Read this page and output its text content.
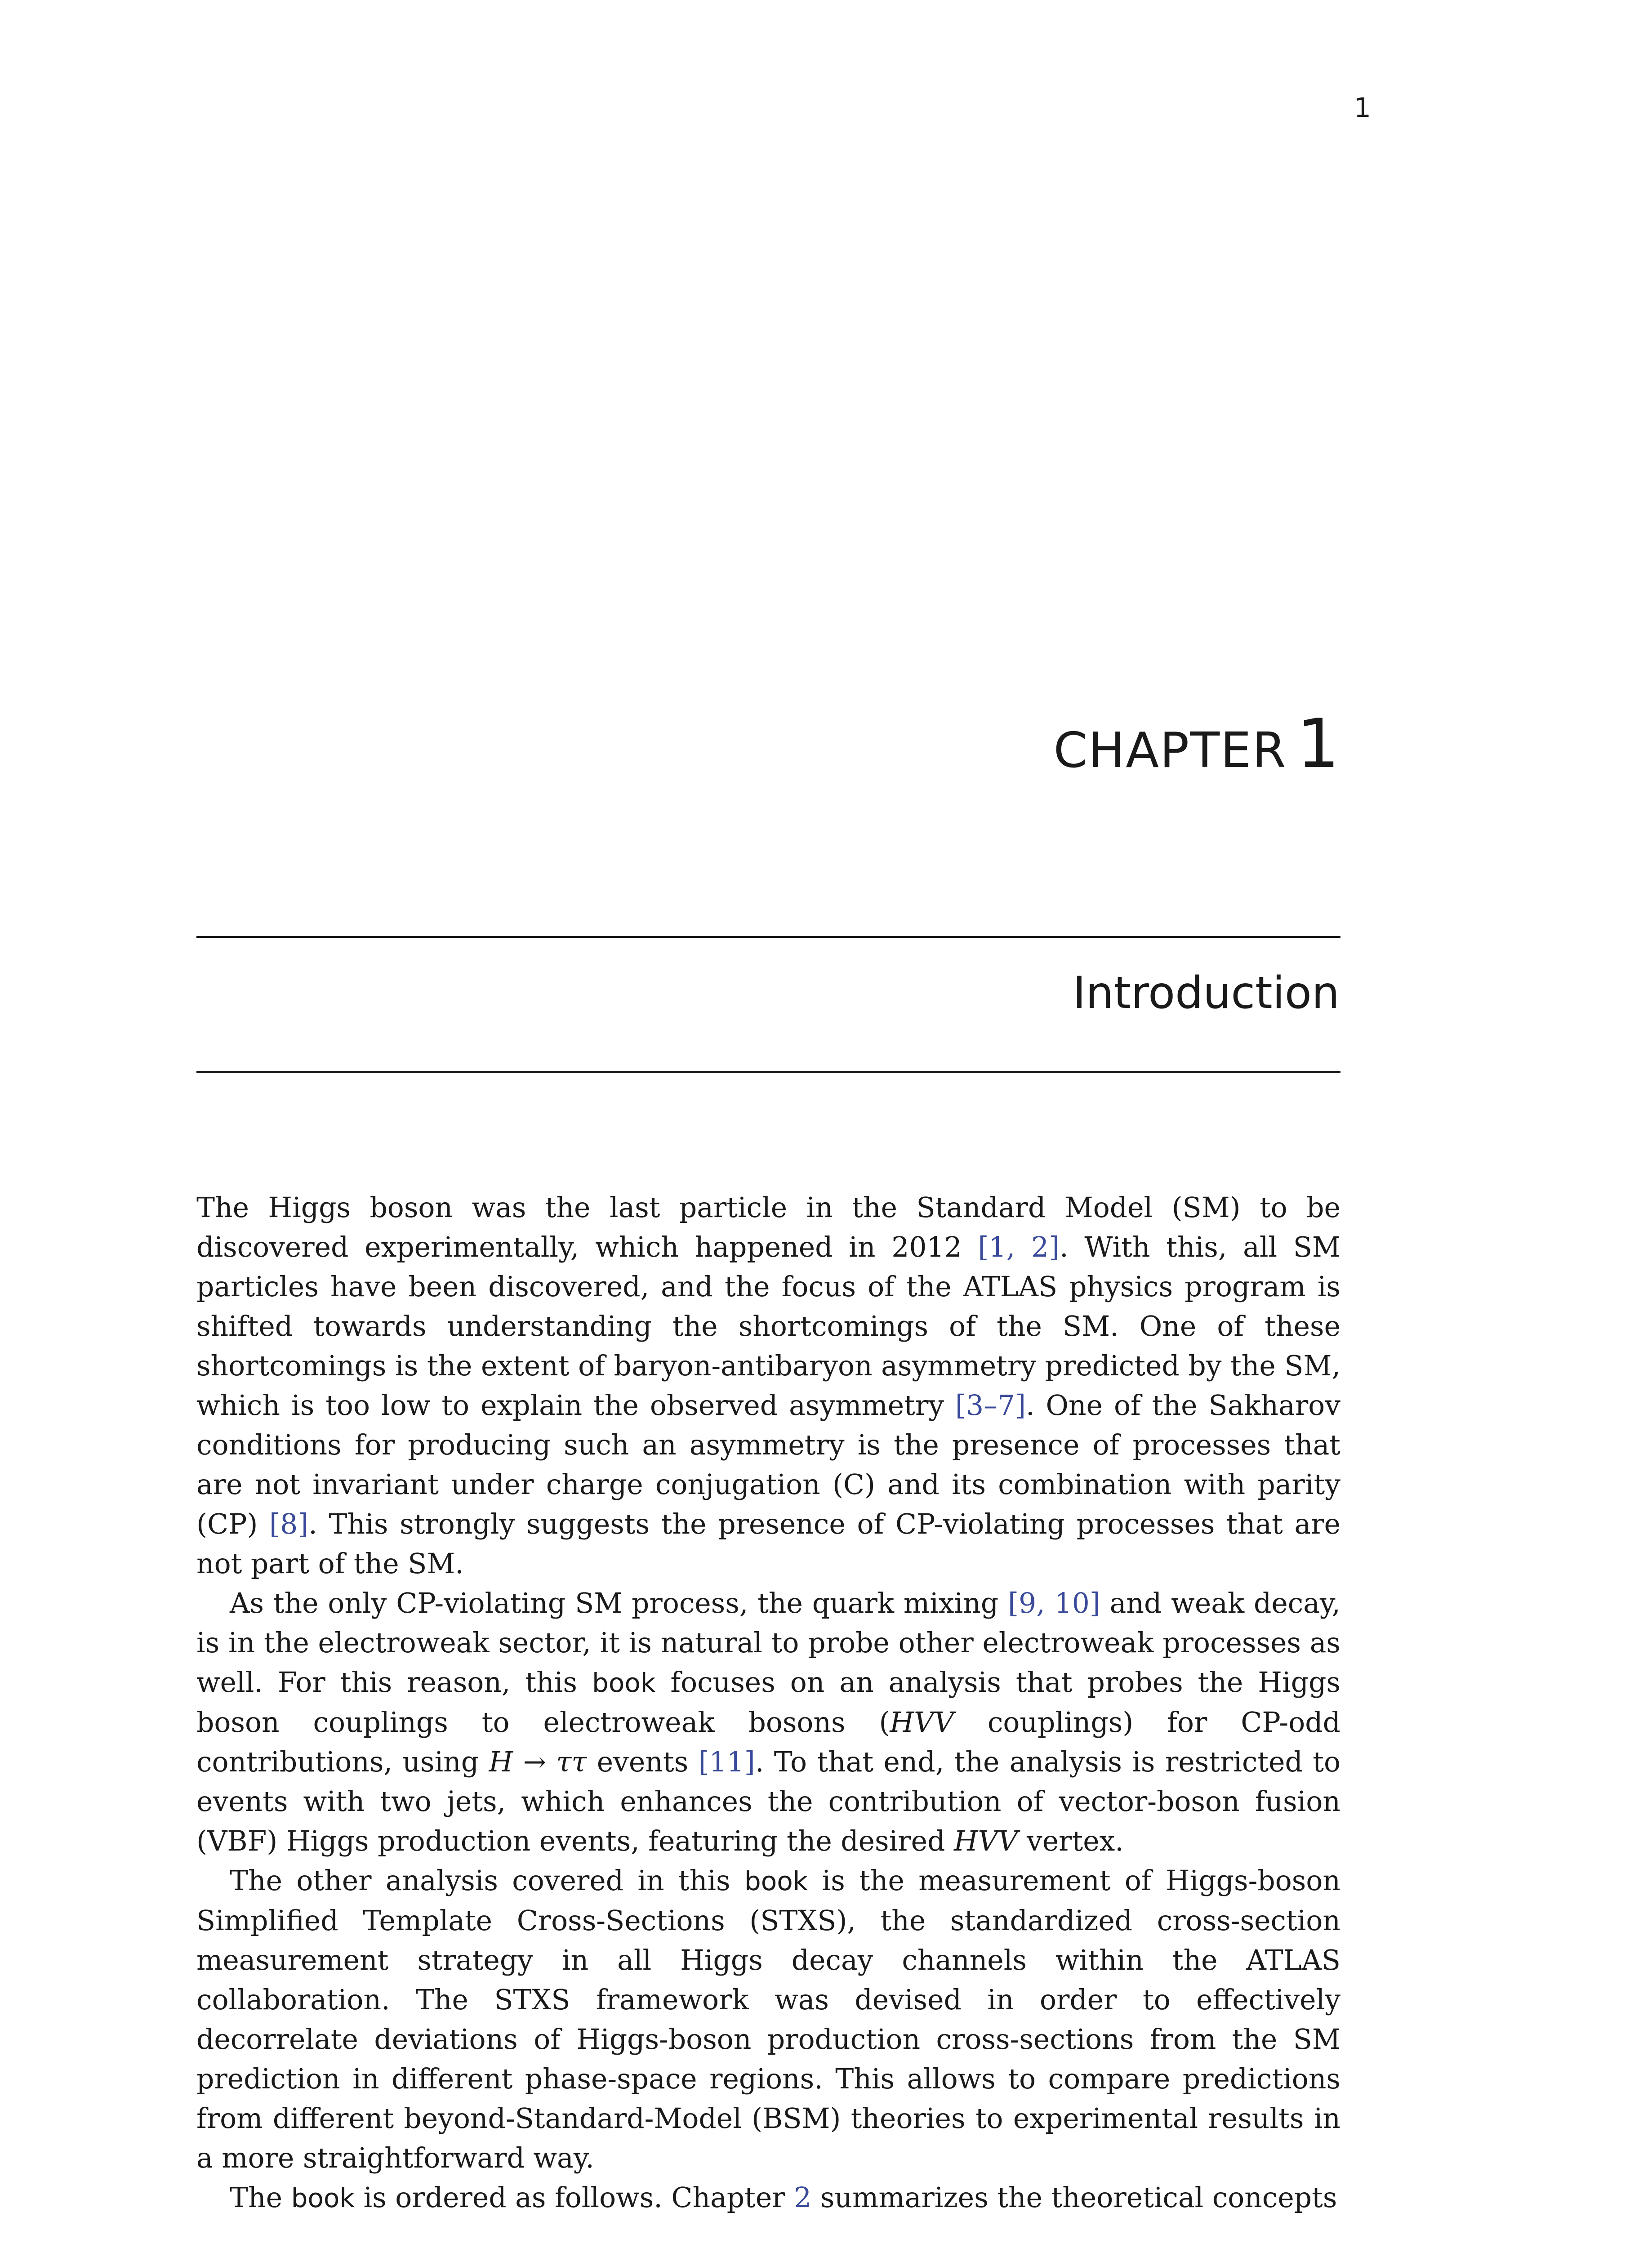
1
CHAPTER 1
Introduction

The Higgs boson was the last particle in the Standard Model (SM) to be discovered experimentally, which happened in 2012 [1, 2]. With this, all SM particles have been discovered, and the focus of the ATLAS physics program is shifted towards understanding the shortcomings of the SM. One of these shortcomings is the extent of baryon-antibaryon asymmetry predicted by the SM, which is too low to explain the observed asymmetry [3–7]. One of the Sakharov conditions for producing such an asymmetry is the presence of processes that are not invariant under charge conjugation (C) and its combination with parity (CP) [8]. This strongly suggests the presence of CP-violating processes that are not part of the SM.

As the only CP-violating SM process, the quark mixing [9, 10] and weak decay, is in the electroweak sector, it is natural to probe other electroweak processes as well. For this reason, this book focuses on an analysis that probes the Higgs boson couplings to electroweak bosons (HVV couplings) for CP-odd contributions, using H → ττ events [11]. To that end, the analysis is restricted to events with two jets, which enhances the contribution of vector-boson fusion (VBF) Higgs production events, featuring the desired HVV vertex.

The other analysis covered in this book is the measurement of Higgs-boson Simplified Template Cross-Sections (STXS), the standardized cross-section measurement strategy in all Higgs decay channels within the ATLAS collaboration. The STXS framework was devised in order to effectively decorrelate deviations of Higgs-boson production cross-sections from the SM prediction in different phase-space regions. This allows to compare predictions from different beyond-Standard-Model (BSM) theories to experimental results in a more straightforward way.

The book is ordered as follows. Chapter 2 summarizes the theoretical concepts
